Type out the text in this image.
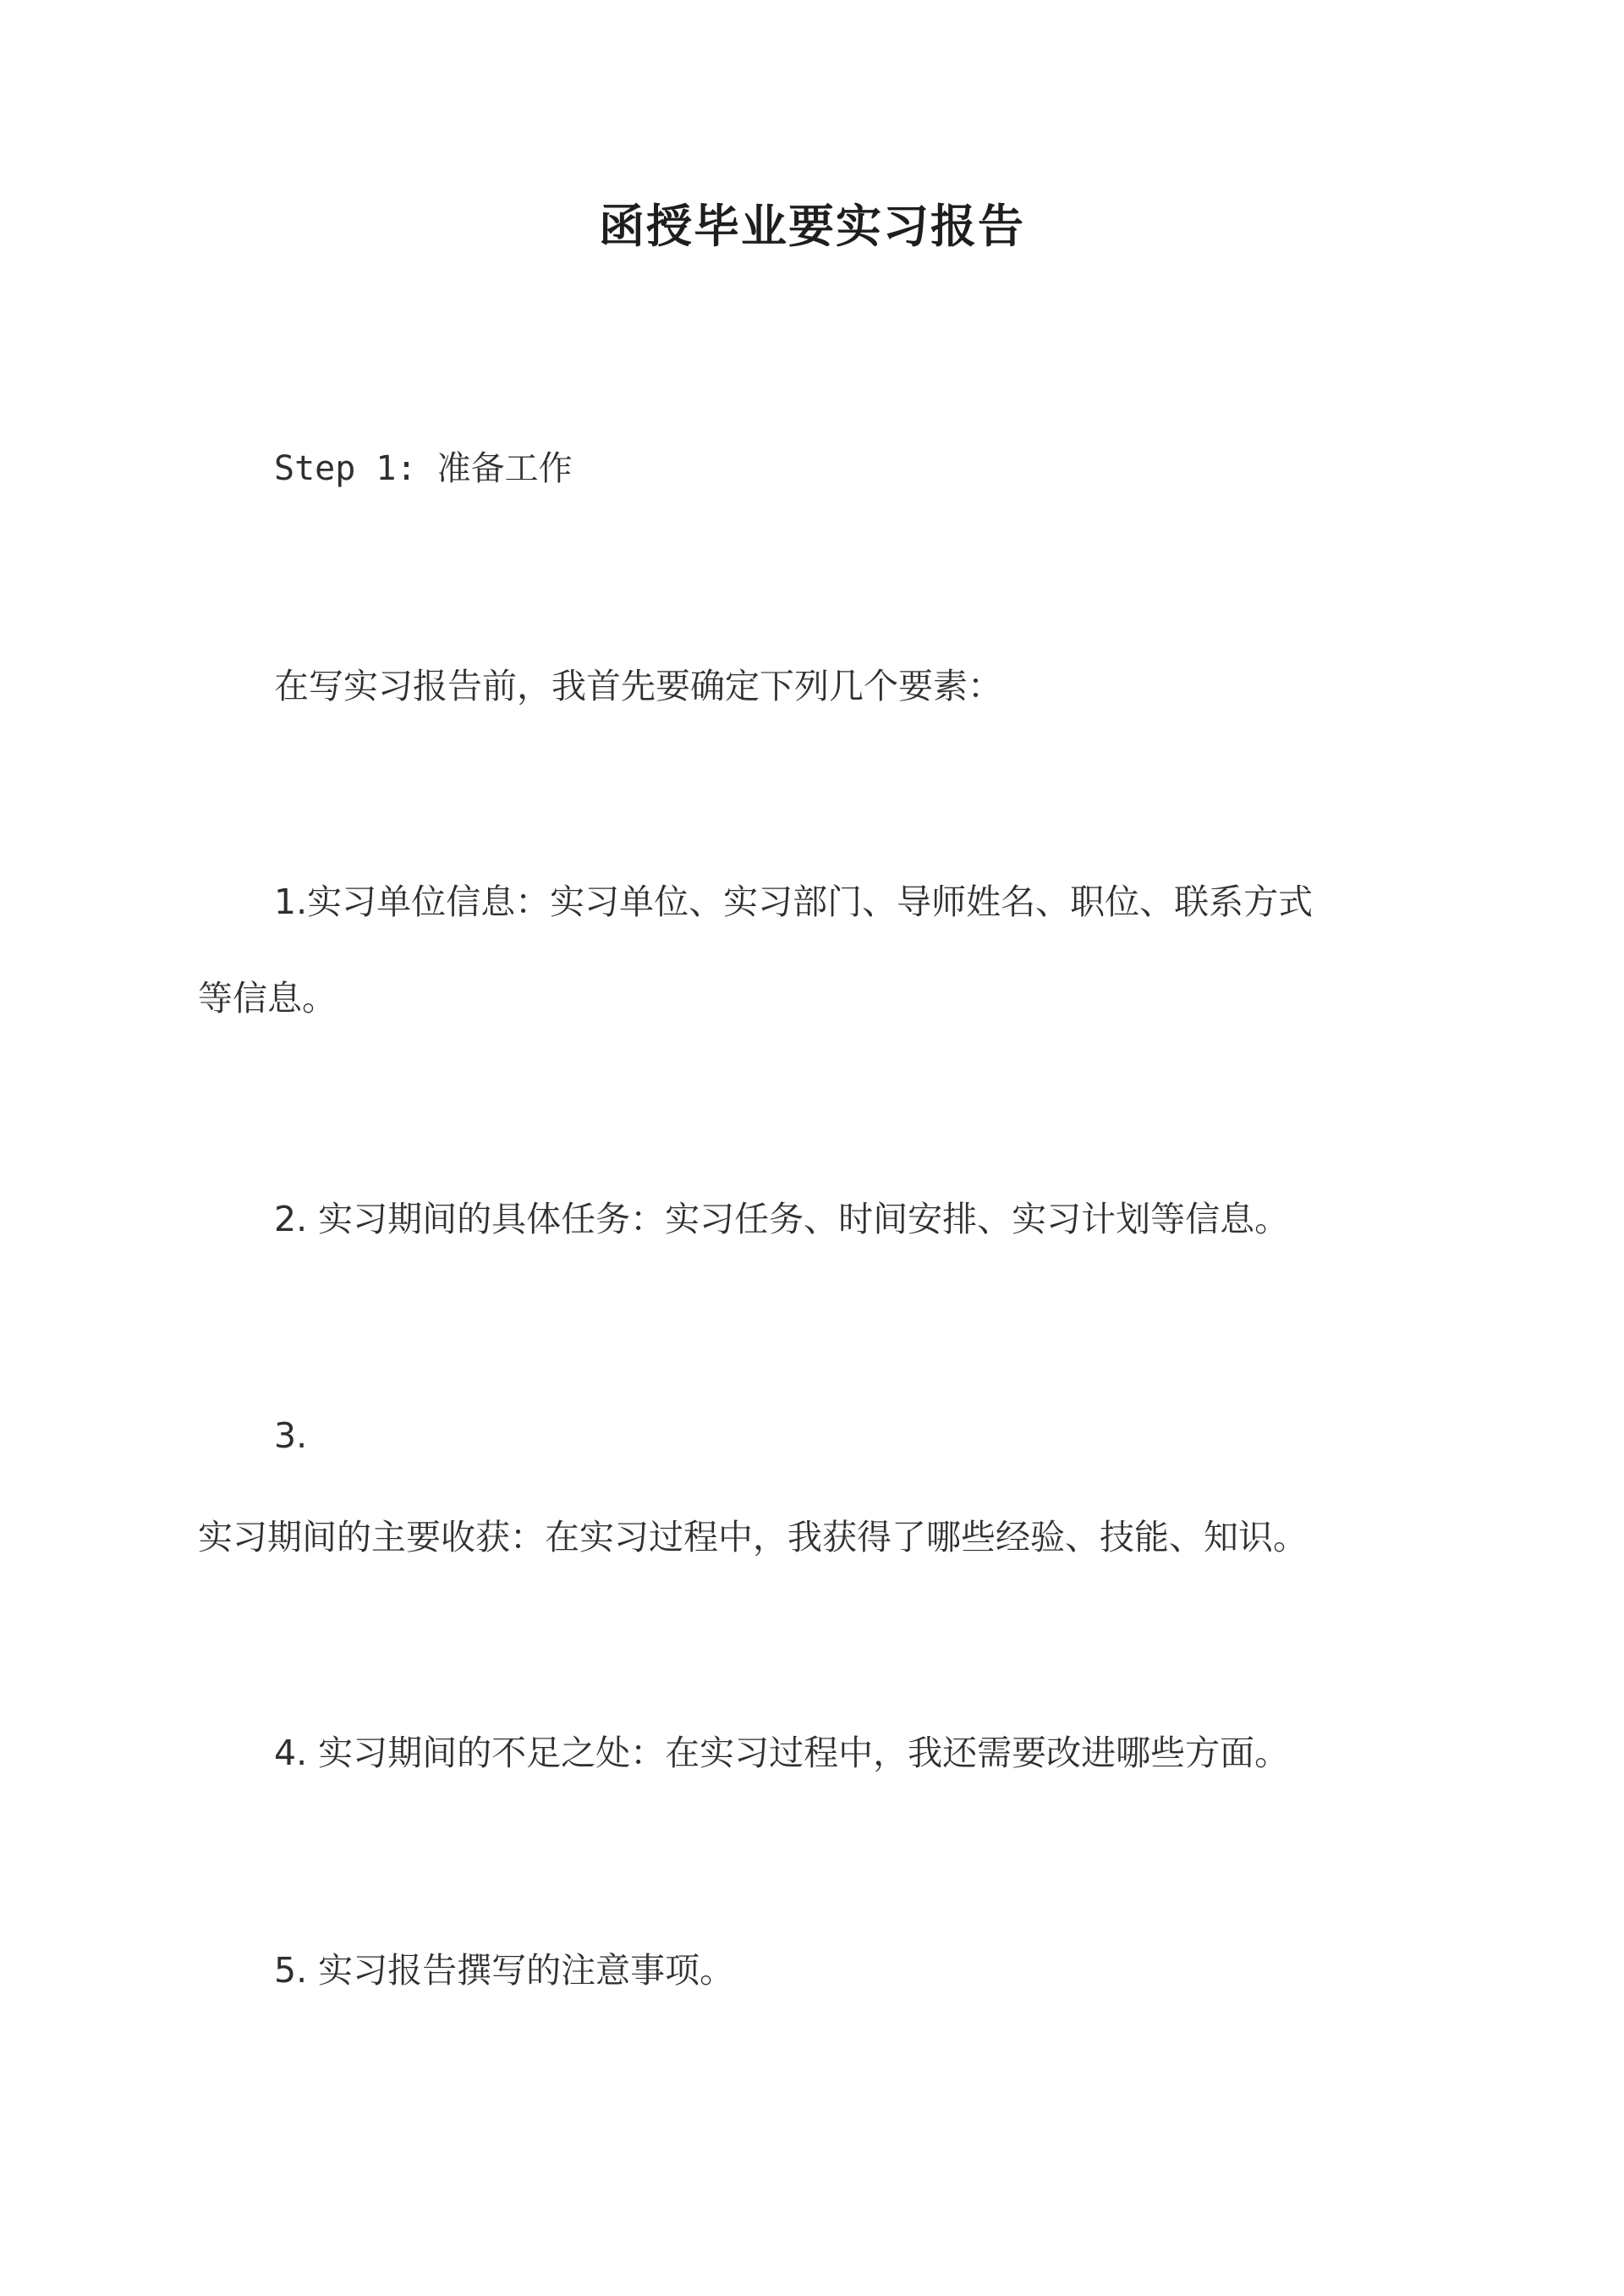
函授毕业要实习报告
Step 1: 准备工作
在写实习报告前，我首先要确定下列几个要素：
1.实习单位信息：实习单位、实习部门、导师姓名、职位、联系方式
等信息。
2. 实习期间的具体任务：实习任务、时间安排、实习计划等信息。
3.
实习期间的主要收获：在实习过程中，我获得了哪些经验、技能、知识。
4. 实习期间的不足之处：在实习过程中，我还需要改进哪些方面。
5. 实习报告撰写的注意事项。
